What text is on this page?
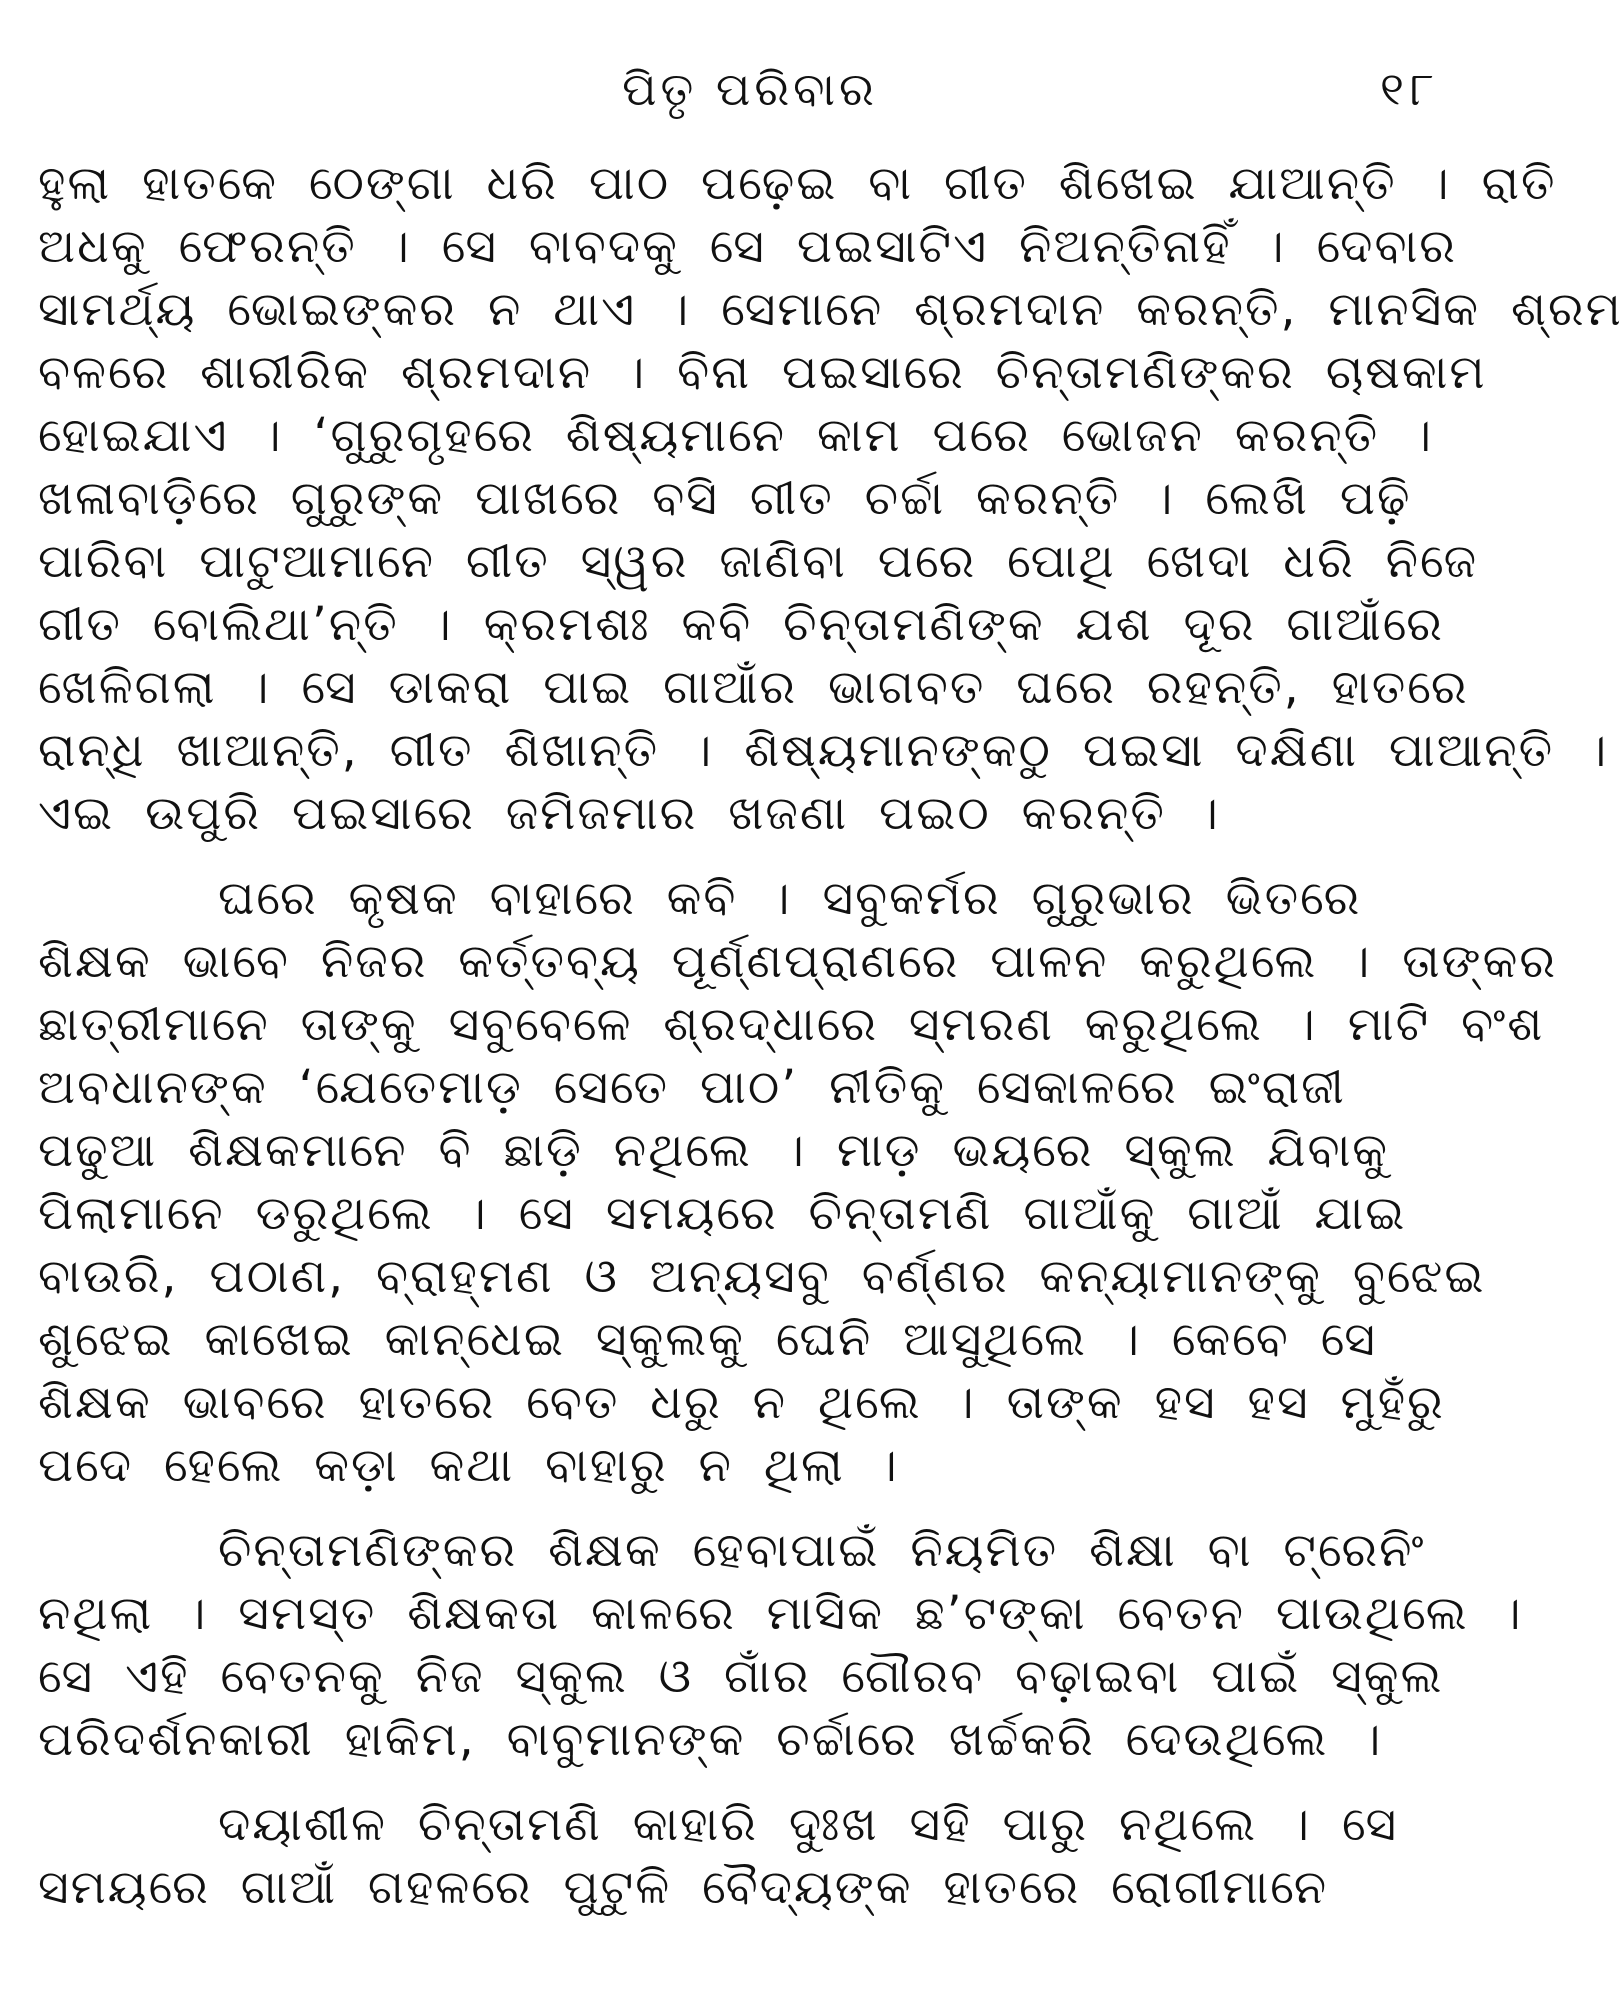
ପିତୃ ପରିବାର	୧୮
ହୁଲା ହାତକେ ଠେଙ୍ଗା ଧରି ପାଠ ପଢ଼େଇ ବା ଗୀତ ଶିଖେଇ ଯାଆନ୍ତି । ରାତି
ଅଧକୁ ଫେରନ୍ତି । ସେ ବାବଦକୁ ସେ ପଇସାଟିଏ ନିଅନ୍ତିନାହିଁ । ଦେବାର
ସାମର୍ଥ୍ୟ ଭୋଇଙ୍କର ନ ଥାଏ । ସେମାନେ ଶ୍ରମଦାନ କରନ୍ତି, ମାନସିକ ଶ୍ରମ
ବଳରେ ଶାରୀରିକ ଶ୍ରମଦାନ । ବିନା ପଇସାରେ ଚିନ୍ତାମଣିଙ୍କର ଚାଷକାମ
ହୋଇଯାଏ । ‘ଗୁରୁଗୃହରେ ଶିଷ୍ୟମାନେ କାମ ପରେ ଭୋଜନ କରନ୍ତି ।
ଖଳାବାଡ଼ିରେ ଗୁରୁଙ୍କ ପାଖରେ ବସି ଗୀତ ଚର୍ଚ୍ଚା କରନ୍ତି । ଲେଖି ପଢ଼ି
ପାରିବା ପାଟୁଆମାନେ ଗୀତ ସ୍ୱର ଜାଣିବା ପରେ ପୋଥି ଖେଦା ଧରି ନିଜେ
ଗୀତ ବୋଲିଥା’ନ୍ତି । କ୍ରମଶଃ କବି ଚିନ୍ତାମଣିଙ୍କ ଯଶ ଦୂର ଗାଆଁରେ
ଖେଳିଗଲା । ସେ ଡାକରା ପାଇ ଗାଆଁର ଭାଗବତ ଘରେ ରହନ୍ତି, ହାତରେ
ରାନ୍ଧି ଖାଆନ୍ତି, ଗୀତ ଶିଖାନ୍ତି । ଶିଷ୍ୟମାନଙ୍କଠୁ ପଇସା ଦକ୍ଷିଣା ପାଆନ୍ତି ।
ଏଇ ଉପୁରି ପଇସାରେ ଜମିଜମାର ଖଜଣା ପଇଠ କରନ୍ତି ।
ଘରେ କୃଷକ ବାହାରେ କବି । ସବୁକର୍ମର ଗୁରୁଭାର ଭିତରେ
ଶିକ୍ଷକ ଭାବେ ନିଜର କର୍ତ୍ତବ୍ୟ ପୂର୍ଣ୍ଣପ୍ରାଣରେ ପାଳନ କରୁଥିଲେ । ତାଙ୍କର
ଛାତ୍ରୀମାନେ ତାଙ୍କୁ ସବୁବେଳେ ଶ୍ରଦ୍ଧାରେ ସ୍ମରଣ କରୁଥିଲେ । ମାଟି ବଂଶ
ଅବଧାନଙ୍କ ‘ଯେତେମାଡ଼ ସେତେ ପାଠ’ ନୀତିକୁ ସେକାଳରେ ଇଂରାଜୀ
ପଢୁଆ ଶିକ୍ଷକମାନେ ବି ଛାଡ଼ି ନଥିଲେ । ମାଡ଼ ଭୟରେ ସ୍କୁଲ ଯିବାକୁ
ପିଲାମାନେ ଡରୁଥିଲେ । ସେ ସମୟରେ ଚିନ୍ତାମଣି ଗାଆଁକୁ ଗାଆଁ ଯାଇ
ବାଉରି, ପଠାଣ, ବ୍ରାହ୍ମଣ ଓ ଅନ୍ୟସବୁ ବର୍ଣ୍ଣର କନ୍ୟାମାନଙ୍କୁ ବୁଝେଇ
ଶୁଝେଇ କାଖେଇ କାନ୍ଧେଇ ସ୍କୁଲକୁ ଘେନି ଆସୁଥିଲେ । କେବେ ସେ
ଶିକ୍ଷକ ଭାବରେ ହାତରେ ବେତ ଧରୁ ନ ଥିଲେ । ତାଙ୍କ ହସ ହସ ମୁହଁରୁ
ପଦେ ହେଲେ କଡ଼ା କଥା ବାହାରୁ ନ ଥିଲା ।
ଚିନ୍ତାମଣିଙ୍କର ଶିକ୍ଷକ ହେବାପାଇଁ ନିୟମିତ ଶିକ୍ଷା ବା ଟ୍ରେନିଂ
ନଥିଲା । ସମସ୍ତ ଶିକ୍ଷକତା କାଳରେ ମାସିକ ଛ’ଟଙ୍କା ବେତନ ପାଉଥିଲେ ।
ସେ ଏହି ବେତନକୁ ନିଜ ସ୍କୁଲ ଓ ଗାଁର ଗୌରବ ବଢ଼ାଇବା ପାଇଁ ସ୍କୁଲ
ପରିଦର୍ଶନକାରୀ ହାକିମ, ବାବୁମାନଙ୍କ ଚର୍ଚ୍ଚାରେ ଖର୍ଚ୍ଚକରି ଦେଉଥିଲେ ।
ଦୟାଶୀଳ ଚିନ୍ତାମଣି କାହାରି ଦୁଃଖ ସହି ପାରୁ ନଥିଲେ । ସେ
ସମୟରେ ଗାଆଁ ଗହଳରେ ପୁଟୁଳି ବୈଦ୍ୟଙ୍କ ହାତରେ ରୋଗୀମାନେ
